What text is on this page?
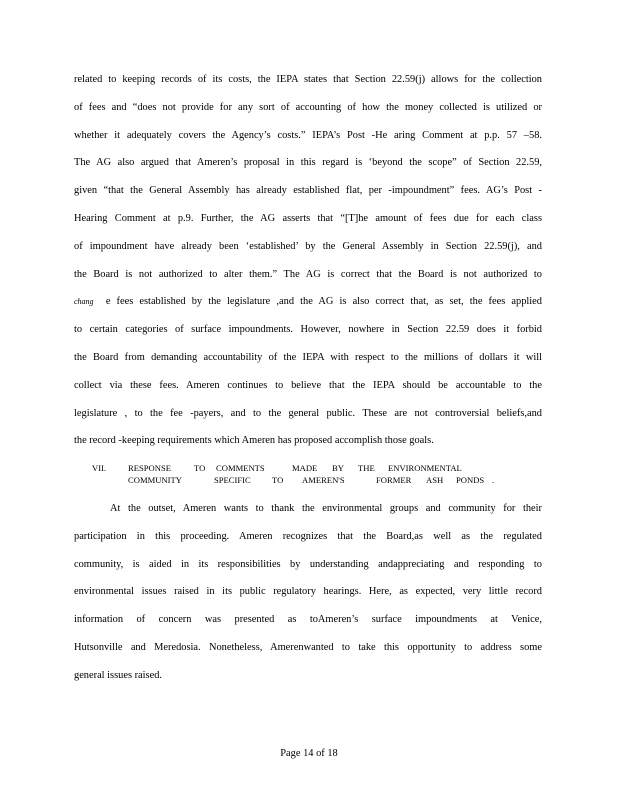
related to keeping records of its costs, the IEPA states that Section 22.59(j) allows for the collection
of fees and “does not provide for any sort of accounting of how the money collected is utilized or
whether it adequately covers the Agency’s costs.” IEPA’s Post -He aring Comment at p.p. 57 –58.
The AG also argued that Ameren’s proposal in this regard is ‘beyond the scope” of Section 22.59,
given “that the General Assembly has already established flat, per -impoundment” fees. AG’s Post -
Hearing Comment at p.9. Further, the AG asserts that “[T]he amount of fees due for each class
of impoundment have already been ‘established’ by the General Assembly in Section 22.59(j), and
the Board is not authorized to alter them.” The AG is correct that the Board is not authorized to
chang e fees established by the legislature ,and the AG is also correct that, as set, the fees applied
to certain categories of surface impoundments. However, nowhere in Section 22.59 does it forbid
the Board from demanding accountability of the IEPA with respect to the millions of dollars it will
collect via these fees. Ameren continues to believe that the IEPA should be accountable to the
legislature , to the fee -payers, and to the general public. These are not controversial beliefs,and
the record -keeping requirements which Ameren has proposed accomplish those goals.
VII.	RESPONSE	TO COMMENTS	MADE BY THE ENVIRONMENTAL
COMMUNITY	SPECIFIC TO AMEREN'S	FORMER ASH PONDS .
At the outset, Ameren wants to thank the environmental groups and community for their
participation in this proceeding. Ameren recognizes that the Board,as well as the regulated
community, is aided in its responsibilities by understanding andappreciating and responding to
environmental issues raised in its public regulatory hearings. Here, as expected, very little record
information of concern was presented as toAmeren’s surface impoundments at Venice,
Hutsonville and Meredosia. Nonetheless, Amerenwanted to take this opportunity to address some
general issues raised.
Page 14 of 18
